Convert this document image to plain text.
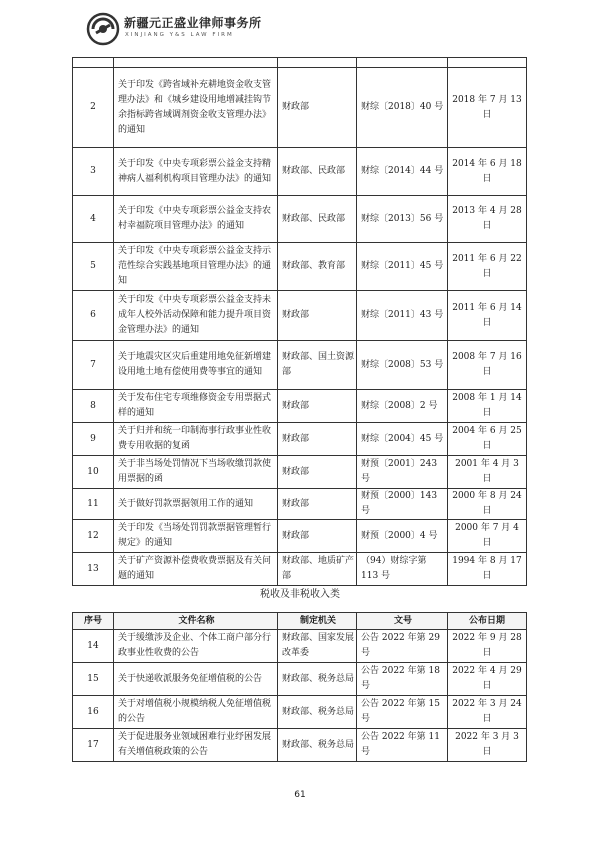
新疆元正盛业律师事务所
XINJIANG Y&S LAW FIRM

2	关于印发《跨省域补充耕地资金收支管理办法》和《城乡建设用地增减挂钩节余指标跨省域调剂资金收支管理办法》的通知	财政部	财综〔2018〕40 号	2018 年 7 月 13 日
3	关于印发《中央专项彩票公益金支持精神病人福利机构项目管理办法》的通知	财政部、民政部	财综〔2014〕44 号	2014 年 6 月 18 日
4	关于印发《中央专项彩票公益金支持农村幸福院项目管理办法》的通知	财政部、民政部	财综〔2013〕56 号	2013 年 4 月 28 日
5	关于印发《中央专项彩票公益金支持示范性综合实践基地项目管理办法》的通知	财政部、教育部	财综〔2011〕45 号	2011 年 6 月 22 日
6	关于印发《中央专项彩票公益金支持未成年人校外活动保障和能力提升项目资金管理办法》的通知	财政部	财综〔2011〕43 号	2011 年 6 月 14 日
7	关于地震灾区灾后重建用地免征新增建设用地土地有偿使用费等事宜的通知	财政部、国土资源部	财综〔2008〕53 号	2008 年 7 月 16 日
8	关于发布住宅专项维修资金专用票据式样的通知	财政部	财综〔2008〕2 号	2008 年 1 月 14 日
9	关于归并和统一印制海事行政事业性收费专用收据的复函	财政部	财综〔2004〕45 号	2004 年 6 月 25 日
10	关于非当场处罚情况下当场收缴罚款使用票据的函	财政部	财预〔2001〕243 号	2001 年 4 月 3 日
11	关于做好罚款票据领用工作的通知	财政部	财预〔2000〕143 号	2000 年 8 月 24 日
12	关于印发《当场处罚罚款票据管理暂行规定》的通知	财政部	财预〔2000〕4 号	2000 年 7 月 4 日
13	关于矿产资源补偿费收费票据及有关问题的通知	财政部、地质矿产部	（94）财综字第 113 号	1994 年 8 月 17 日
税收及非税收入类
序号	文件名称	制定机关	文号	公布日期
14	关于缓缴涉及企业、个体工商户部分行政事业性收费的公告	财政部、国家发展改革委	公告 2022 年第 29 号	2022 年 9 月 28 日
15	关于快递收派服务免征增值税的公告	财政部、税务总局	公告 2022 年第 18 号	2022 年 4 月 29 日
16	关于对增值税小规模纳税人免征增值税的公告	财政部、税务总局	公告 2022 年第 15 号	2022 年 3 月 24 日
17	关于促进服务业领域困难行业纾困发展有关增值税政策的公告	财政部、税务总局	公告 2022 年第 11 号	2022 年 3 月 3 日
61
